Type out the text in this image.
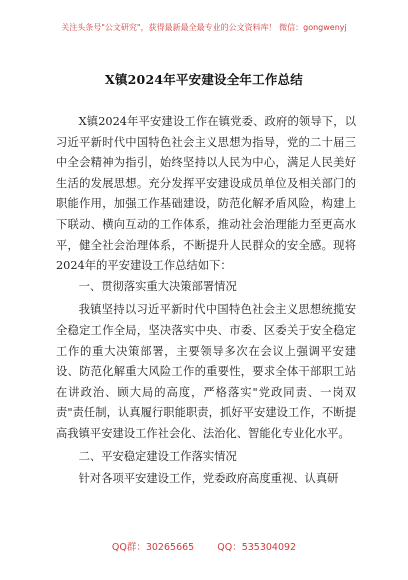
关注头条号"公文研究"，获得最新最全最专业的公文资料库！ 微信：gongwenyj
X镇2024年平安建设全年工作总结

X镇2024年平安建设工作在镇党委、政府的领导下，以习近平新时代中国特色社会主义思想为指导，党的二十届三中全会精神为指引，始终坚持以人民为中心，满足人民美好生活的发展思想。充分发挥平安建设成员单位及相关部门的职能作用，加强工作基础建设，防范化解矛盾风险，构建上下联动、横向互动的工作体系，推动社会治理能力至更高水平，健全社会治理体系，不断提升人民群众的安全感。现将2024年的平安建设工作总结如下：

一、贯彻落实重大决策部署情况

我镇坚持以习近平新时代中国特色社会主义思想统揽安全稳定工作全局，坚决落实中央、市委、区委关于安全稳定工作的重大决策部署，主要领导多次在会议上强调平安建设、防范化解重大风险工作的重要性，要求全体干部职工站在讲政治、顾大局的高度，严格落实"党政同责、一岗双责"责任制，认真履行职能职责，抓好平安建设工作，不断提高我镇平安建设工作社会化、法治化、智能化专业化水平。

二、平安稳定建设工作落实情况

针对各项平安建设工作，党委政府高度重视、认真研

QQ群：30265665 QQ：535304092
